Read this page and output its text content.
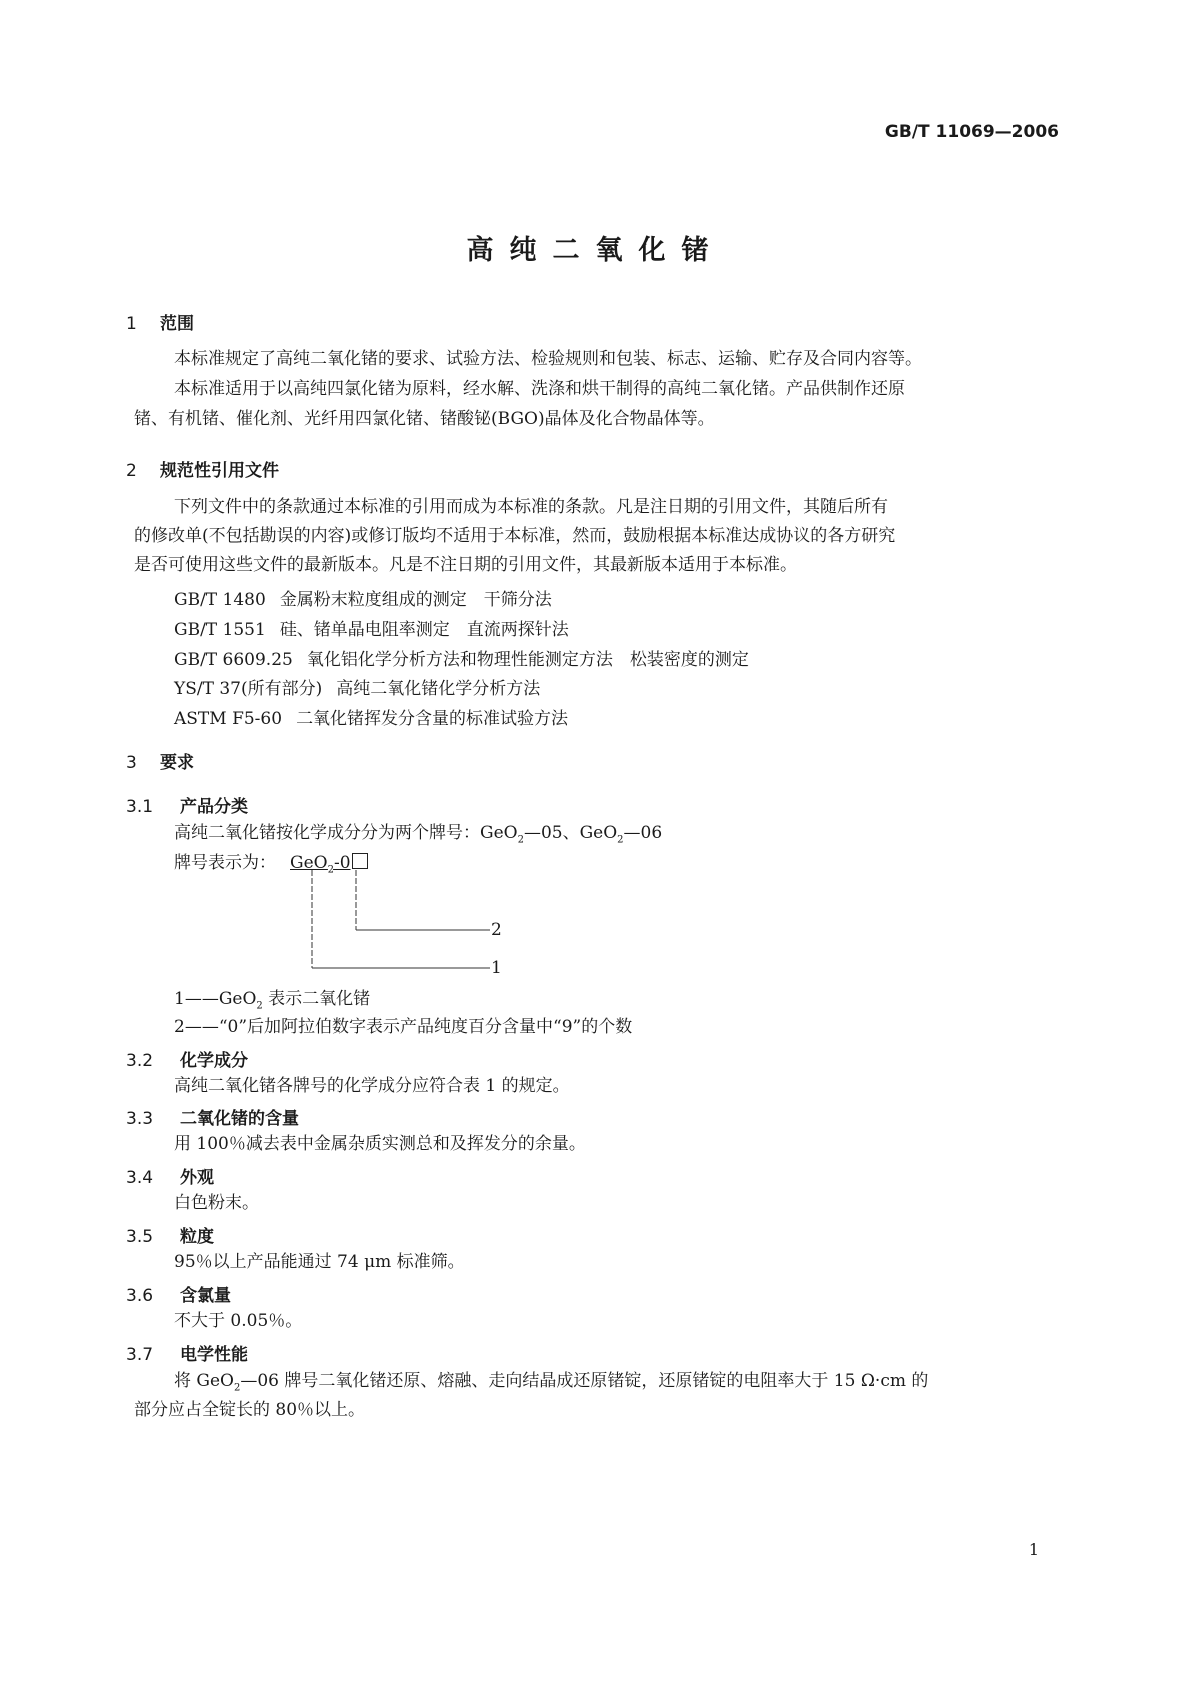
GB/T 11069—2006
高纯二氧化锗
1 范围
本标准规定了高纯二氧化锗的要求、试验方法、检验规则和包装、标志、运输、贮存及合同内容等。
本标准适用于以高纯四氯化锗为原料，经水解、洗涤和烘干制得的高纯二氧化锗。产品供制作还原
锗、有机锗、催化剂、光纤用四氯化锗、锗酸铋(BGO)晶体及化合物晶体等。
2 规范性引用文件
下列文件中的条款通过本标准的引用而成为本标准的条款。凡是注日期的引用文件，其随后所有
的修改单(不包括勘误的内容)或修订版均不适用于本标准，然而，鼓励根据本标准达成协议的各方研究
是否可使用这些文件的最新版本。凡是不注日期的引用文件，其最新版本适用于本标准。
GB/T 1480 金属粉末粒度组成的测定　干筛分法
GB/T 1551 硅、锗单晶电阻率测定　直流两探针法
GB/T 6609.25 氧化铝化学分析方法和物理性能测定方法　松装密度的测定
YS/T 37(所有部分) 高纯二氧化锗化学分析方法
ASTM F5-60 二氧化锗挥发分含量的标准试验方法
3 要求
3.1 产品分类
高纯二氧化锗按化学成分分为两个牌号：GeO$_2$—05、GeO$_2$—06
牌号表示为： GeO$_2$-0
2
1
1——GeO$_2$ 表示二氧化锗
2——“0”后加阿拉伯数字表示产品纯度百分含量中“9”的个数
3.2 化学成分
高纯二氧化锗各牌号的化学成分应符合表 1 的规定。
3.3 二氧化锗的含量
用 100％减去表中金属杂质实测总和及挥发分的余量。
3.4 外观
白色粉末。
3.5 粒度
95％以上产品能通过 74 μm 标准筛。
3.6 含氯量
不大于 0.05％。
3.7 电学性能
将 GeO$_2$—06 牌号二氧化锗还原、熔融、走向结晶成还原锗锭，还原锗锭的电阻率大于 15 Ω·cm 的
部分应占全锭长的 80％以上。
1
